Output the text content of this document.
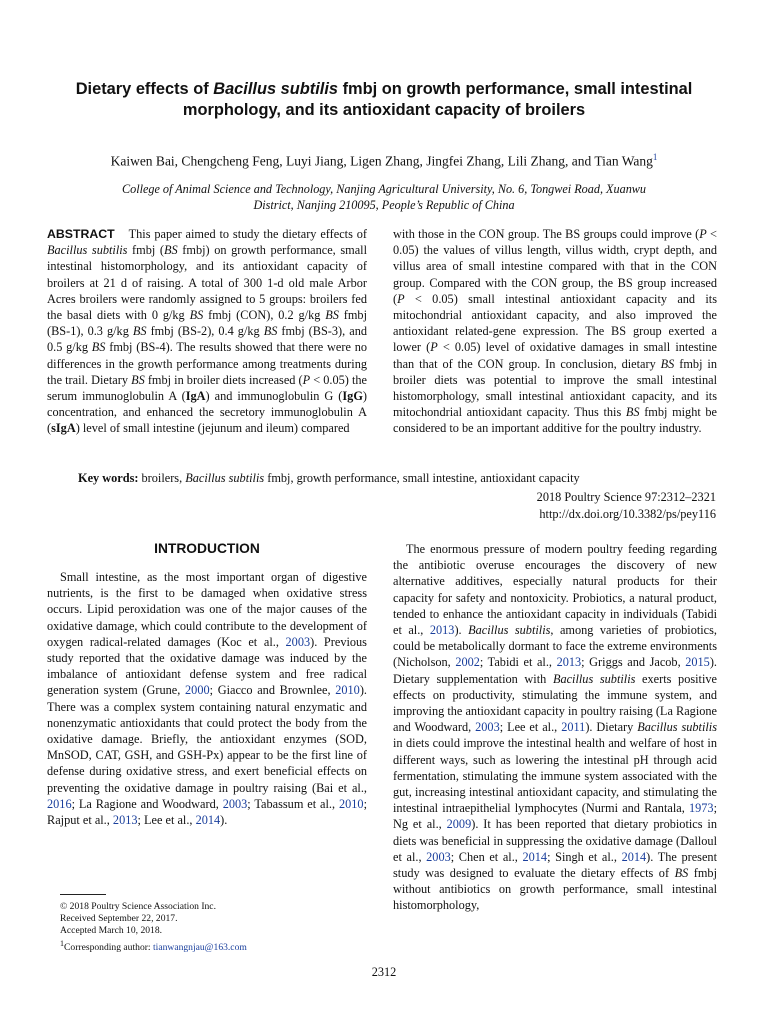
Dietary effects of Bacillus subtilis fmbj on growth performance, small intestinal morphology, and its antioxidant capacity of broilers
Kaiwen Bai, Chengcheng Feng, Luyi Jiang, Ligen Zhang, Jingfei Zhang, Lili Zhang, and Tian Wang$^1$
College of Animal Science and Technology, Nanjing Agricultural University, No. 6, Tongwei Road, Xuanwu
District, Nanjing 210095, People’s Republic of China

ABSTRACT This paper aimed to study the dietary effects of Bacillus subtilis fmbj (BS fmbj) on growth performance, small intestinal histomorphology, and its antioxidant capacity of broilers at 21 d of raising. A total of 300 1-d old male Arbor Acres broilers were randomly assigned to 5 groups: broilers fed the basal diets with 0 g/kg BS fmbj (CON), 0.2 g/kg BS fmbj (BS-1), 0.3 g/kg BS fmbj (BS-2), 0.4 g/kg BS fmbj (BS-3), and 0.5 g/kg BS fmbj (BS-4). The results showed that there were no differences in the growth performance among treatments during the trail. Dietary BS fmbj in broiler diets increased (P < 0.05) the serum immunoglobulin A (IgA) and immunoglobulin G (IgG) concentration, and enhanced the secretory immunoglobulin A (sIgA) level of small intestine (jejunum and ileum) compared

with those in the CON group. The BS groups could improve (P < 0.05) the values of villus length, villus width, crypt depth, and villus area of small intestine compared with that in the CON group. Compared with the CON group, the BS group increased (P < 0.05) small intestinal antioxidant capacity and its mitochondrial antioxidant capacity, and also improved the antioxidant related-gene expression. The BS group exerted a lower (P < 0.05) level of oxidative damages in small intestine than that of the CON group. In conclusion, dietary BS fmbj in broiler diets was potential to improve the small intestinal histomorphology, small intestinal antioxidant capacity, and its mitochondrial antioxidant capacity. Thus this BS fmbj might be considered to be an important additive for the poultry industry.

Key words: broilers, Bacillus subtilis fmbj, growth performance, small intestine, antioxidant capacity
2018 Poultry Science 97:2312–2321
http://dx.doi.org/10.3382/ps/pey116
INTRODUCTION

Small intestine, as the most important organ of digestive nutrients, is the first to be damaged when oxidative stress occurs. Lipid peroxidation was one of the major causes of the oxidative damage, which could contribute to the development of oxygen radical-related damages (Koc et al., 2003). Previous study reported that the oxidative damage was induced by the imbalance of antioxidant defense system and free radical generation system (Grune, 2000; Giacco and Brownlee, 2010). There was a complex system containing natural enzymatic and nonenzymatic antioxidants that could protect the body from the oxidative damage. Briefly, the antioxidant enzymes (SOD, MnSOD, CAT, GSH, and GSH-Px) appear to be the first line of defense during oxidative stress, and exert beneficial effects on preventing the oxidative damage in poultry raising (Bai et al., 2016; La Ragione and Woodward, 2003; Tabassum et al., 2010; Rajput et al., 2013; Lee et al., 2014).

The enormous pressure of modern poultry feeding regarding the antibiotic overuse encourages the discovery of new alternative additives, especially natural products for their capacity for safety and nontoxicity. Probiotics, a natural product, tended to enhance the antioxidant capacity in individuals (Tabidi et al., 2013). Bacillus subtilis, among varieties of probiotics, could be metabolically dormant to face the extreme environments (Nicholson, 2002; Tabidi et al., 2013; Griggs and Jacob, 2015). Dietary supplementation with Bacillus subtilis exerts positive effects on productivity, stimulating the immune system, and improving the antioxidant capacity in poultry raising (La Ragione and Woodward, 2003; Lee et al., 2011). Dietary Bacillus subtilis in diets could improve the intestinal health and welfare of host in different ways, such as lowering the intestinal pH through acid fermentation, stimulating the immune system associated with the gut, increasing intestinal antioxidant capacity, and stimulating the intestinal intraepithelial lymphocytes (Nurmi and Rantala, 1973; Ng et al., 2009). It has been reported that dietary probiotics in diets was beneficial in suppressing the oxidative damage (Dalloul et al., 2003; Chen et al., 2014; Singh et al., 2014). The present study was designed to evaluate the dietary effects of BS fmbj without antibiotics on growth performance, small intestinal histomorphology,

© 2018 Poultry Science Association Inc.
Received September 22, 2017.
Accepted March 10, 2018.
$^1$Corresponding author: tianwangnjau@163.com
2312
